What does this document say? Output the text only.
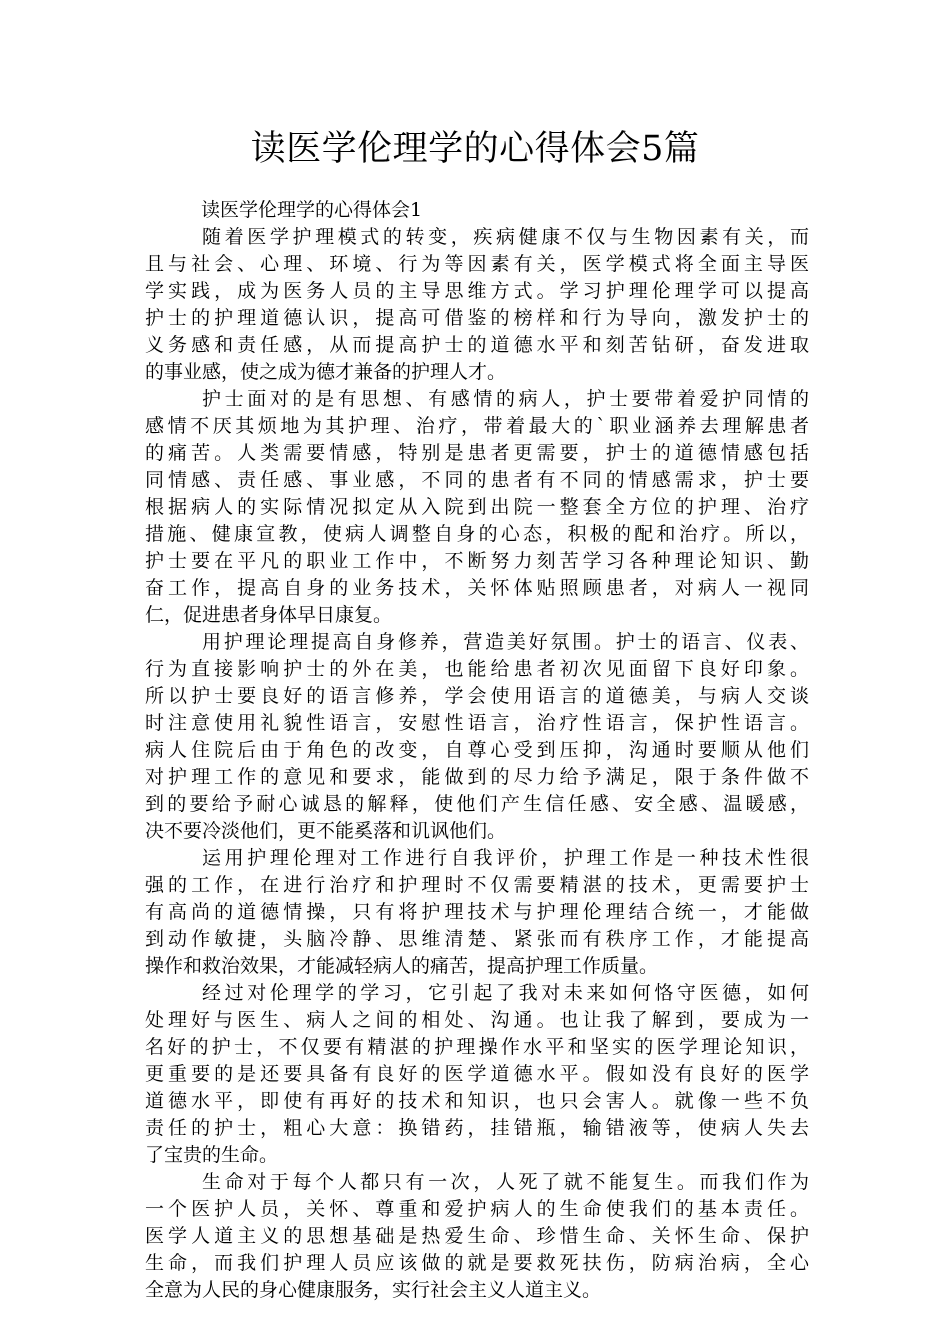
读医学伦理学的心得体会5篇

读医学伦理学的心得体会1

随着医学护理模式的转变，疾病健康不仅与生物因素有关，而
且与社会、心理、环境、行为等因素有关，医学模式将全面主导医
学实践，成为医务人员的主导思维方式。学习护理伦理学可以提高
护士的护理道德认识，提高可借鉴的榜样和行为导向，激发护士的
义务感和责任感，从而提高护士的道德水平和刻苦钻研，奋发进取
的事业感，使之成为德才兼备的护理人才。

护士面对的是有思想、有感情的病人，护士要带着爱护同情的
感情不厌其烦地为其护理、治疗，带着最大的`职业涵养去理解患者
的痛苦。人类需要情感，特别是患者更需要，护士的道德情感包括
同情感、责任感、事业感，不同的患者有不同的情感需求，护士要
根据病人的实际情况拟定从入院到出院一整套全方位的护理、治疗
措施、健康宣教，使病人调整自身的心态，积极的配和治疗。所以，
护士要在平凡的职业工作中，不断努力刻苦学习各种理论知识、勤
奋工作，提高自身的业务技术，关怀体贴照顾患者，对病人一视同
仁，促进患者身体早日康复。

用护理论理提高自身修养，营造美好氛围。护士的语言、仪表、
行为直接影响护士的外在美，也能给患者初次见面留下良好印象。
所以护士要良好的语言修养，学会使用语言的道德美，与病人交谈
时注意使用礼貌性语言，安慰性语言，治疗性语言，保护性语言。
病人住院后由于角色的改变，自尊心受到压抑，沟通时要顺从他们
对护理工作的意见和要求，能做到的尽力给予满足，限于条件做不
到的要给予耐心诚恳的解释，使他们产生信任感、安全感、温暖感，
决不要冷淡他们，更不能奚落和讥讽他们。

运用护理伦理对工作进行自我评价，护理工作是一种技术性很
强的工作，在进行治疗和护理时不仅需要精湛的技术，更需要护士
有高尚的道德情操，只有将护理技术与护理伦理结合统一，才能做
到动作敏捷，头脑冷静、思维清楚、紧张而有秩序工作，才能提高
操作和救治效果，才能减轻病人的痛苦，提高护理工作质量。

经过对伦理学的学习，它引起了我对未来如何恪守医德，如何
处理好与医生、病人之间的相处、沟通。也让我了解到，要成为一
名好的护士，不仅要有精湛的护理操作水平和坚实的医学理论知识，
更重要的是还要具备有良好的医学道德水平。假如没有良好的医学
道德水平，即使有再好的技术和知识，也只会害人。就像一些不负
责任的护士，粗心大意：换错药，挂错瓶，输错液等，使病人失去
了宝贵的生命。

生命对于每个人都只有一次，人死了就不能复生。而我们作为
一个医护人员，关怀、尊重和爱护病人的生命使我们的基本责任。
医学人道主义的思想基础是热爱生命、珍惜生命、关怀生命、保护
生命，而我们护理人员应该做的就是要救死扶伤，防病治病，全心
全意为人民的身心健康服务，实行社会主义人道主义。
